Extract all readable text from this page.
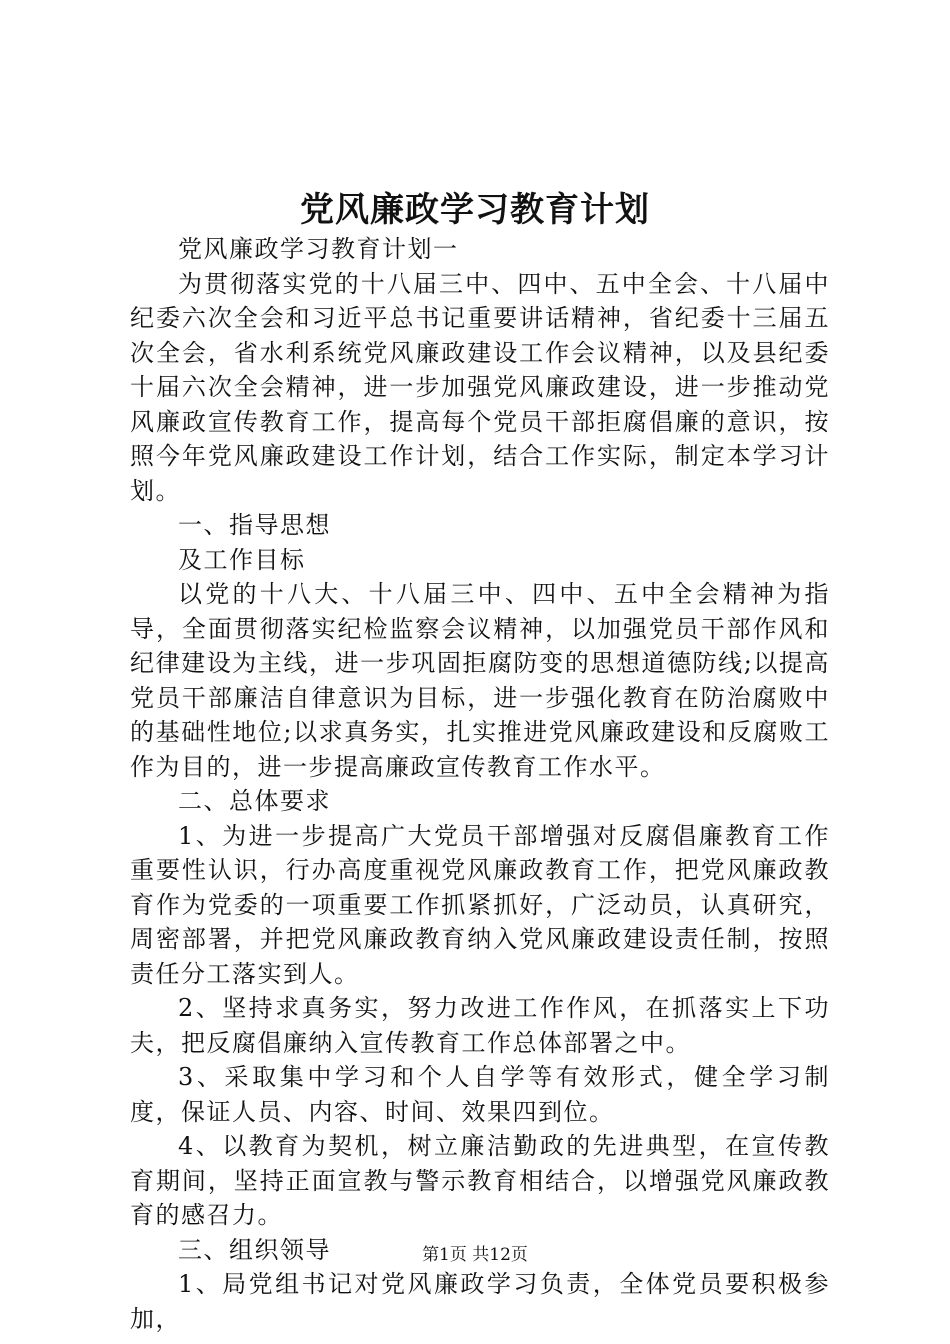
党风廉政学习教育计划

党风廉政学习教育计划一

为贯彻落实党的十八届三中、四中、五中全会、十八届中纪委六次全会和习近平总书记重要讲话精神，省纪委十三届五次全会，省水利系统党风廉政建设工作会议精神，以及县纪委十届六次全会精神，进一步加强党风廉政建设，进一步推动党风廉政宣传教育工作，提高每个党员干部拒腐倡廉的意识，按照今年党风廉政建设工作计划，结合工作实际，制定本学习计划。

一、指导思想

及工作目标

以党的十八大、十八届三中、四中、五中全会精神为指导，全面贯彻落实纪检监察会议精神，以加强党员干部作风和纪律建设为主线，进一步巩固拒腐防变的思想道德防线;以提高党员干部廉洁自律意识为目标，进一步强化教育在防治腐败中的基础性地位;以求真务实，扎实推进党风廉政建设和反腐败工作为目的，进一步提高廉政宣传教育工作水平。

二、总体要求

1、为进一步提高广大党员干部增强对反腐倡廉教育工作重要性认识，行办高度重视党风廉政教育工作，把党风廉政教育作为党委的一项重要工作抓紧抓好，广泛动员，认真研究，周密部署，并把党风廉政教育纳入党风廉政建设责任制，按照责任分工落实到人。

2、坚持求真务实，努力改进工作作风，在抓落实上下功夫，把反腐倡廉纳入宣传教育工作总体部署之中。

3、采取集中学习和个人自学等有效形式，健全学习制度，保证人员、内容、时间、效果四到位。

4、以教育为契机，树立廉洁勤政的先进典型，在宣传教育期间，坚持正面宣教与警示教育相结合，以增强党风廉政教育的感召力。

三、组织领导

1、局党组书记对党风廉政学习负责，全体党员要积极参加，

第1页 共12页
